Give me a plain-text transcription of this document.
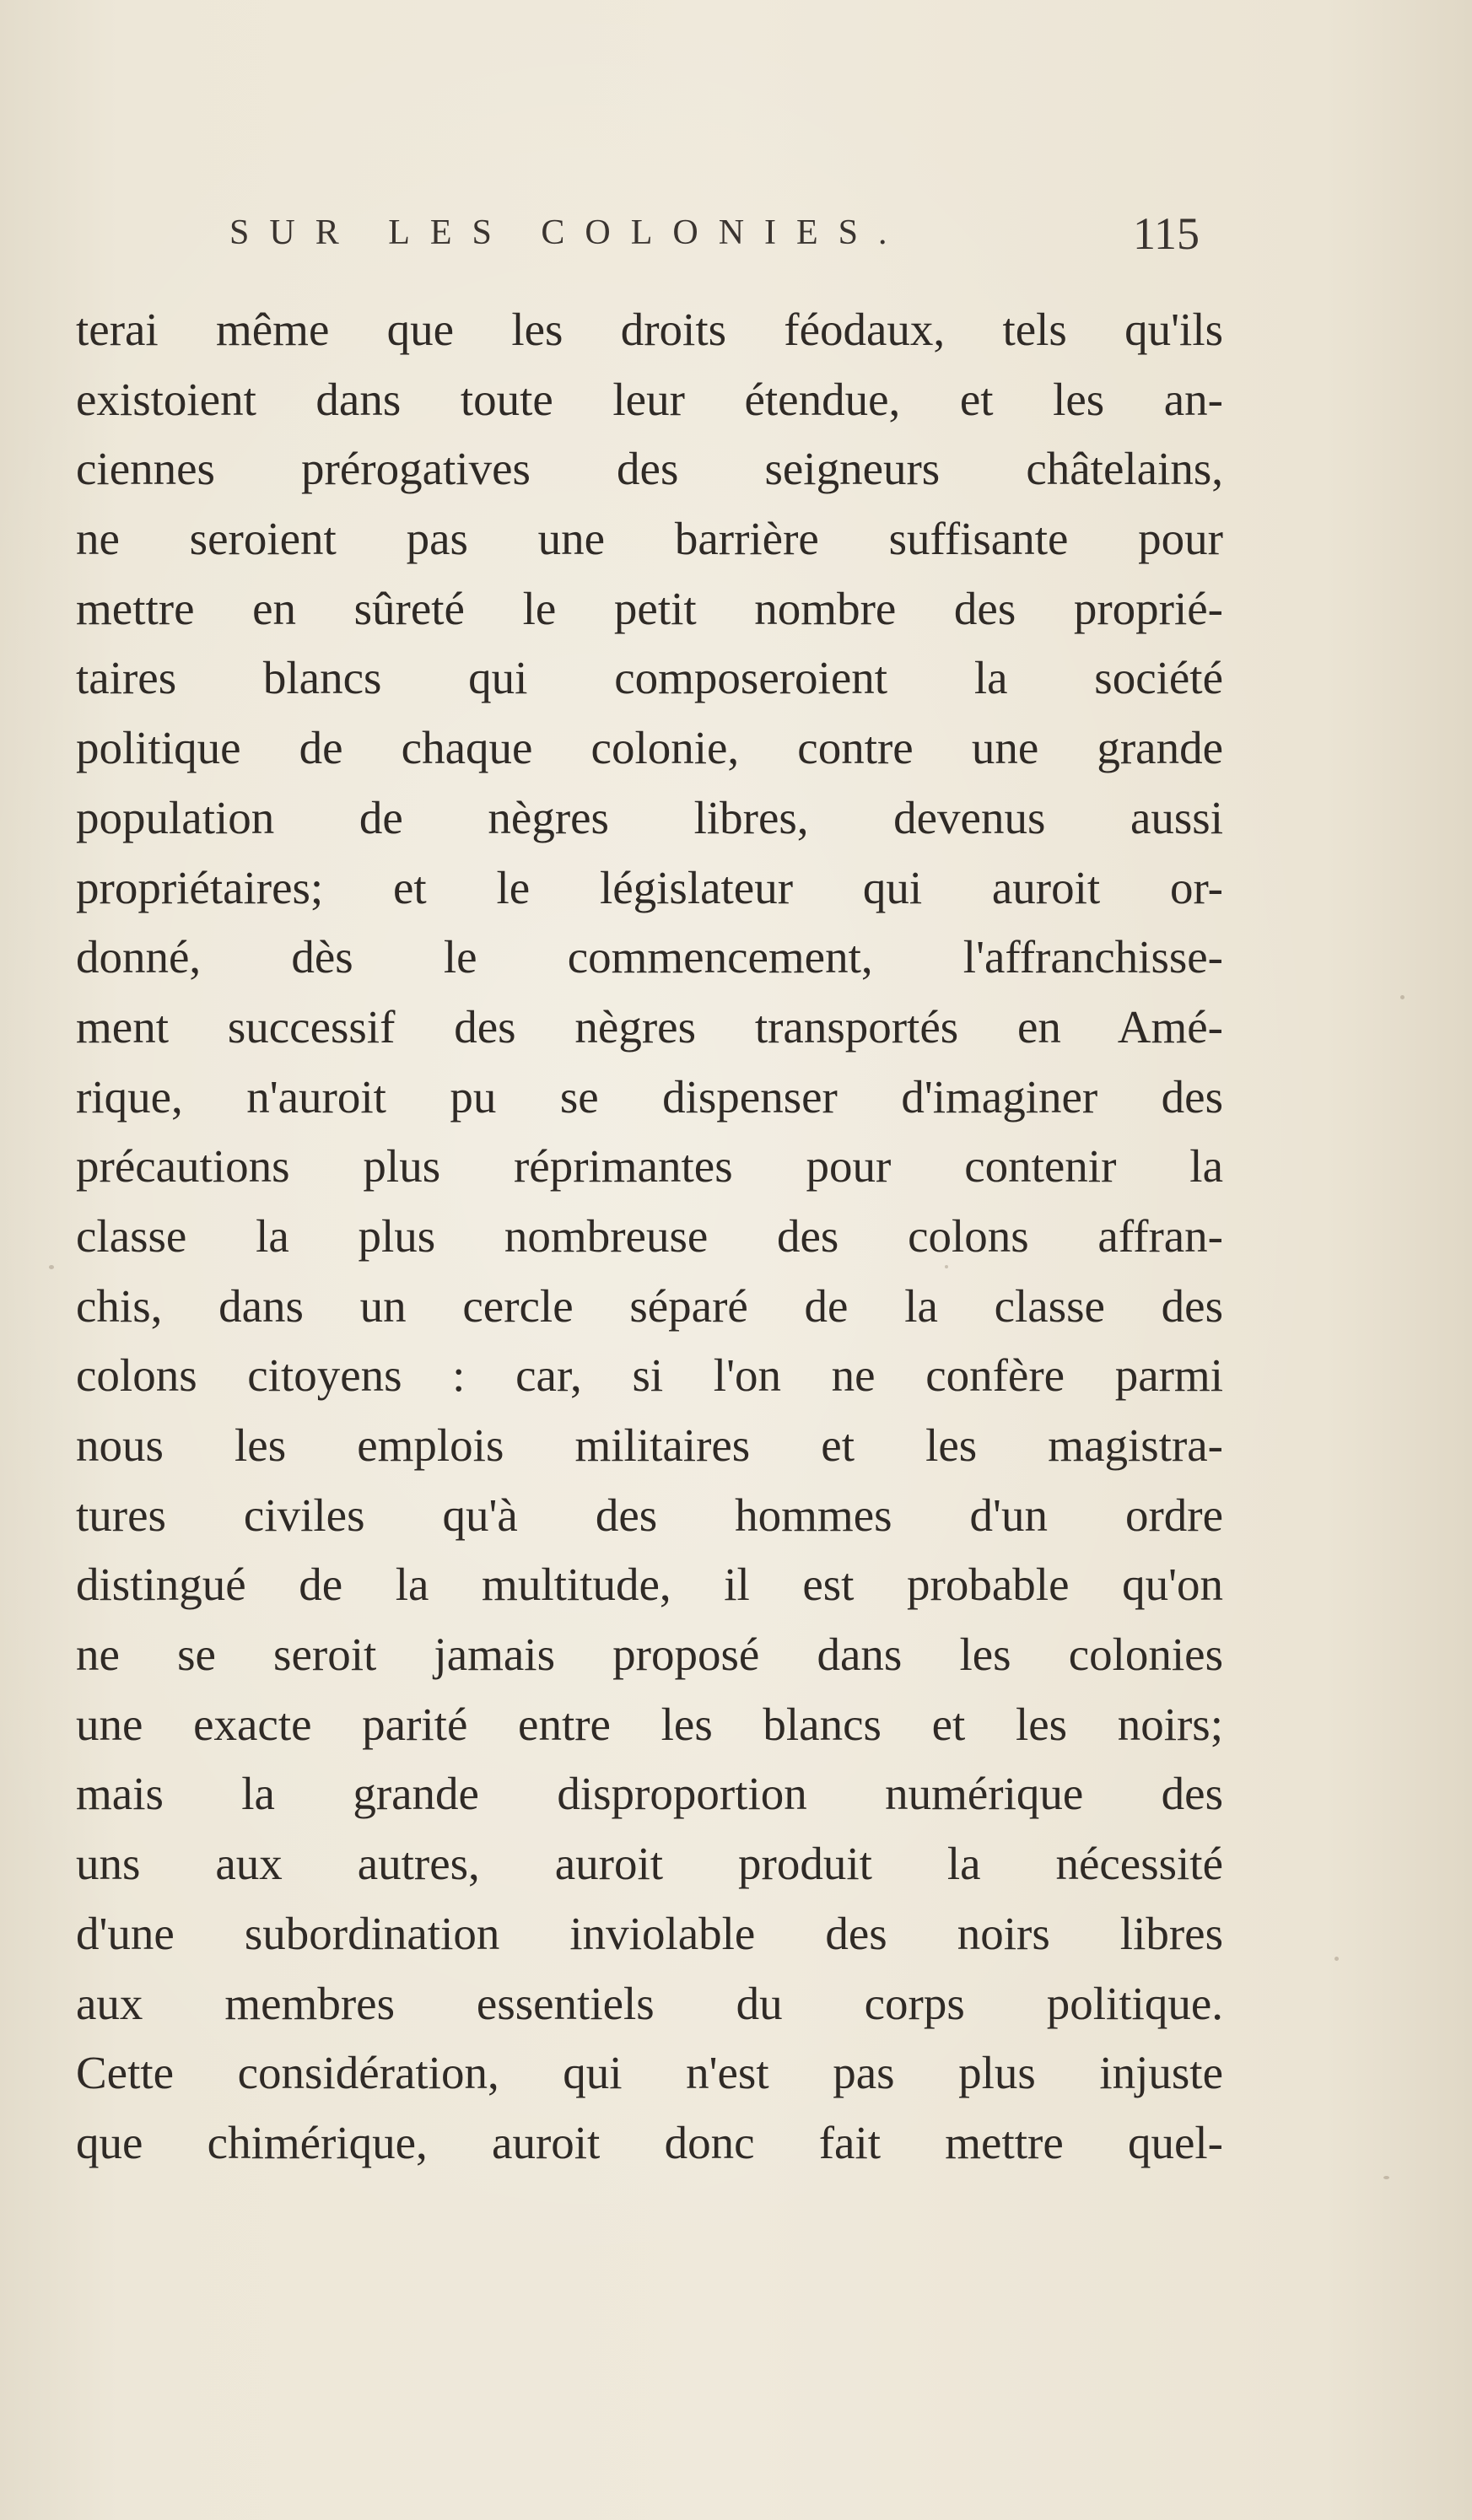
SUR LES COLONIES.	115
terai même que les droits féodaux, tels qu'ils
existoient dans toute leur étendue, et les an-
ciennes prérogatives des seigneurs châtelains,
ne seroient pas une barrière suffisante pour
mettre en sûreté le petit nombre des proprié-
taires blancs qui composeroient la société
politique de chaque colonie, contre une grande
population de nègres libres, devenus aussi
propriétaires; et le législateur qui auroit or-
donné, dès le commencement, l'affranchisse-
ment successif des nègres transportés en Amé-
rique, n'auroit pu se dispenser d'imaginer des
précautions plus réprimantes pour contenir la
classe la plus nombreuse des colons affran-
chis, dans un cercle séparé de la classe des
colons citoyens : car, si l'on ne confère parmi
nous les emplois militaires et les magistra-
tures civiles qu'à des hommes d'un ordre
distingué de la multitude, il est probable qu'on
ne se seroit jamais proposé dans les colonies
une exacte parité entre les blancs et les noirs;
mais la grande disproportion numérique des
uns aux autres, auroit produit la nécessité
d'une subordination inviolable des noirs libres
aux membres essentiels du corps politique.
Cette considération, qui n'est pas plus injuste
que chimérique, auroit donc fait mettre quel-
